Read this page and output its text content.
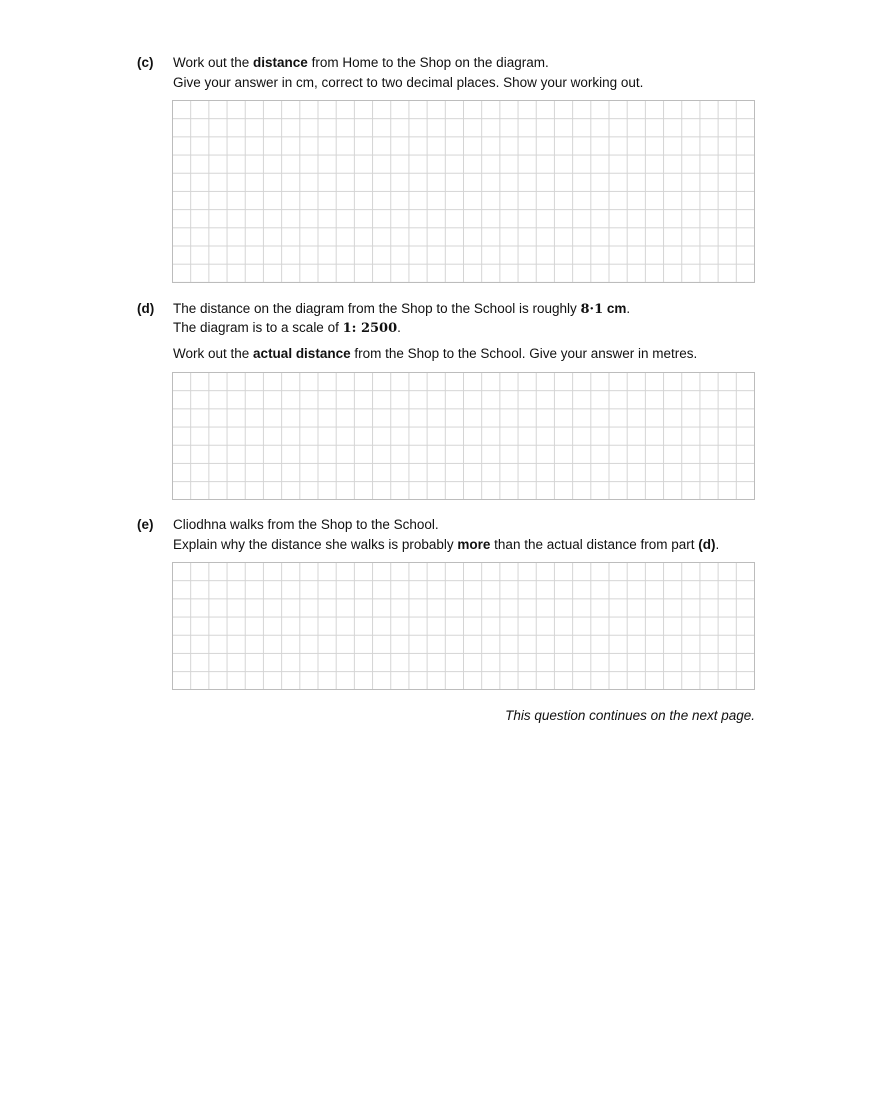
(c) Work out the distance from Home to the Shop on the diagram.
Give your answer in cm, correct to two decimal places. Show your working out.
(d) The distance on the diagram from the Shop to the School is roughly 8·1 cm.
The diagram is to a scale of 1: 2500.
Work out the actual distance from the Shop to the School. Give your answer in metres.
(e) Cliodhna walks from the Shop to the School.
Explain why the distance she walks is probably more than the actual distance from part (d).
This question continues on the next page.
